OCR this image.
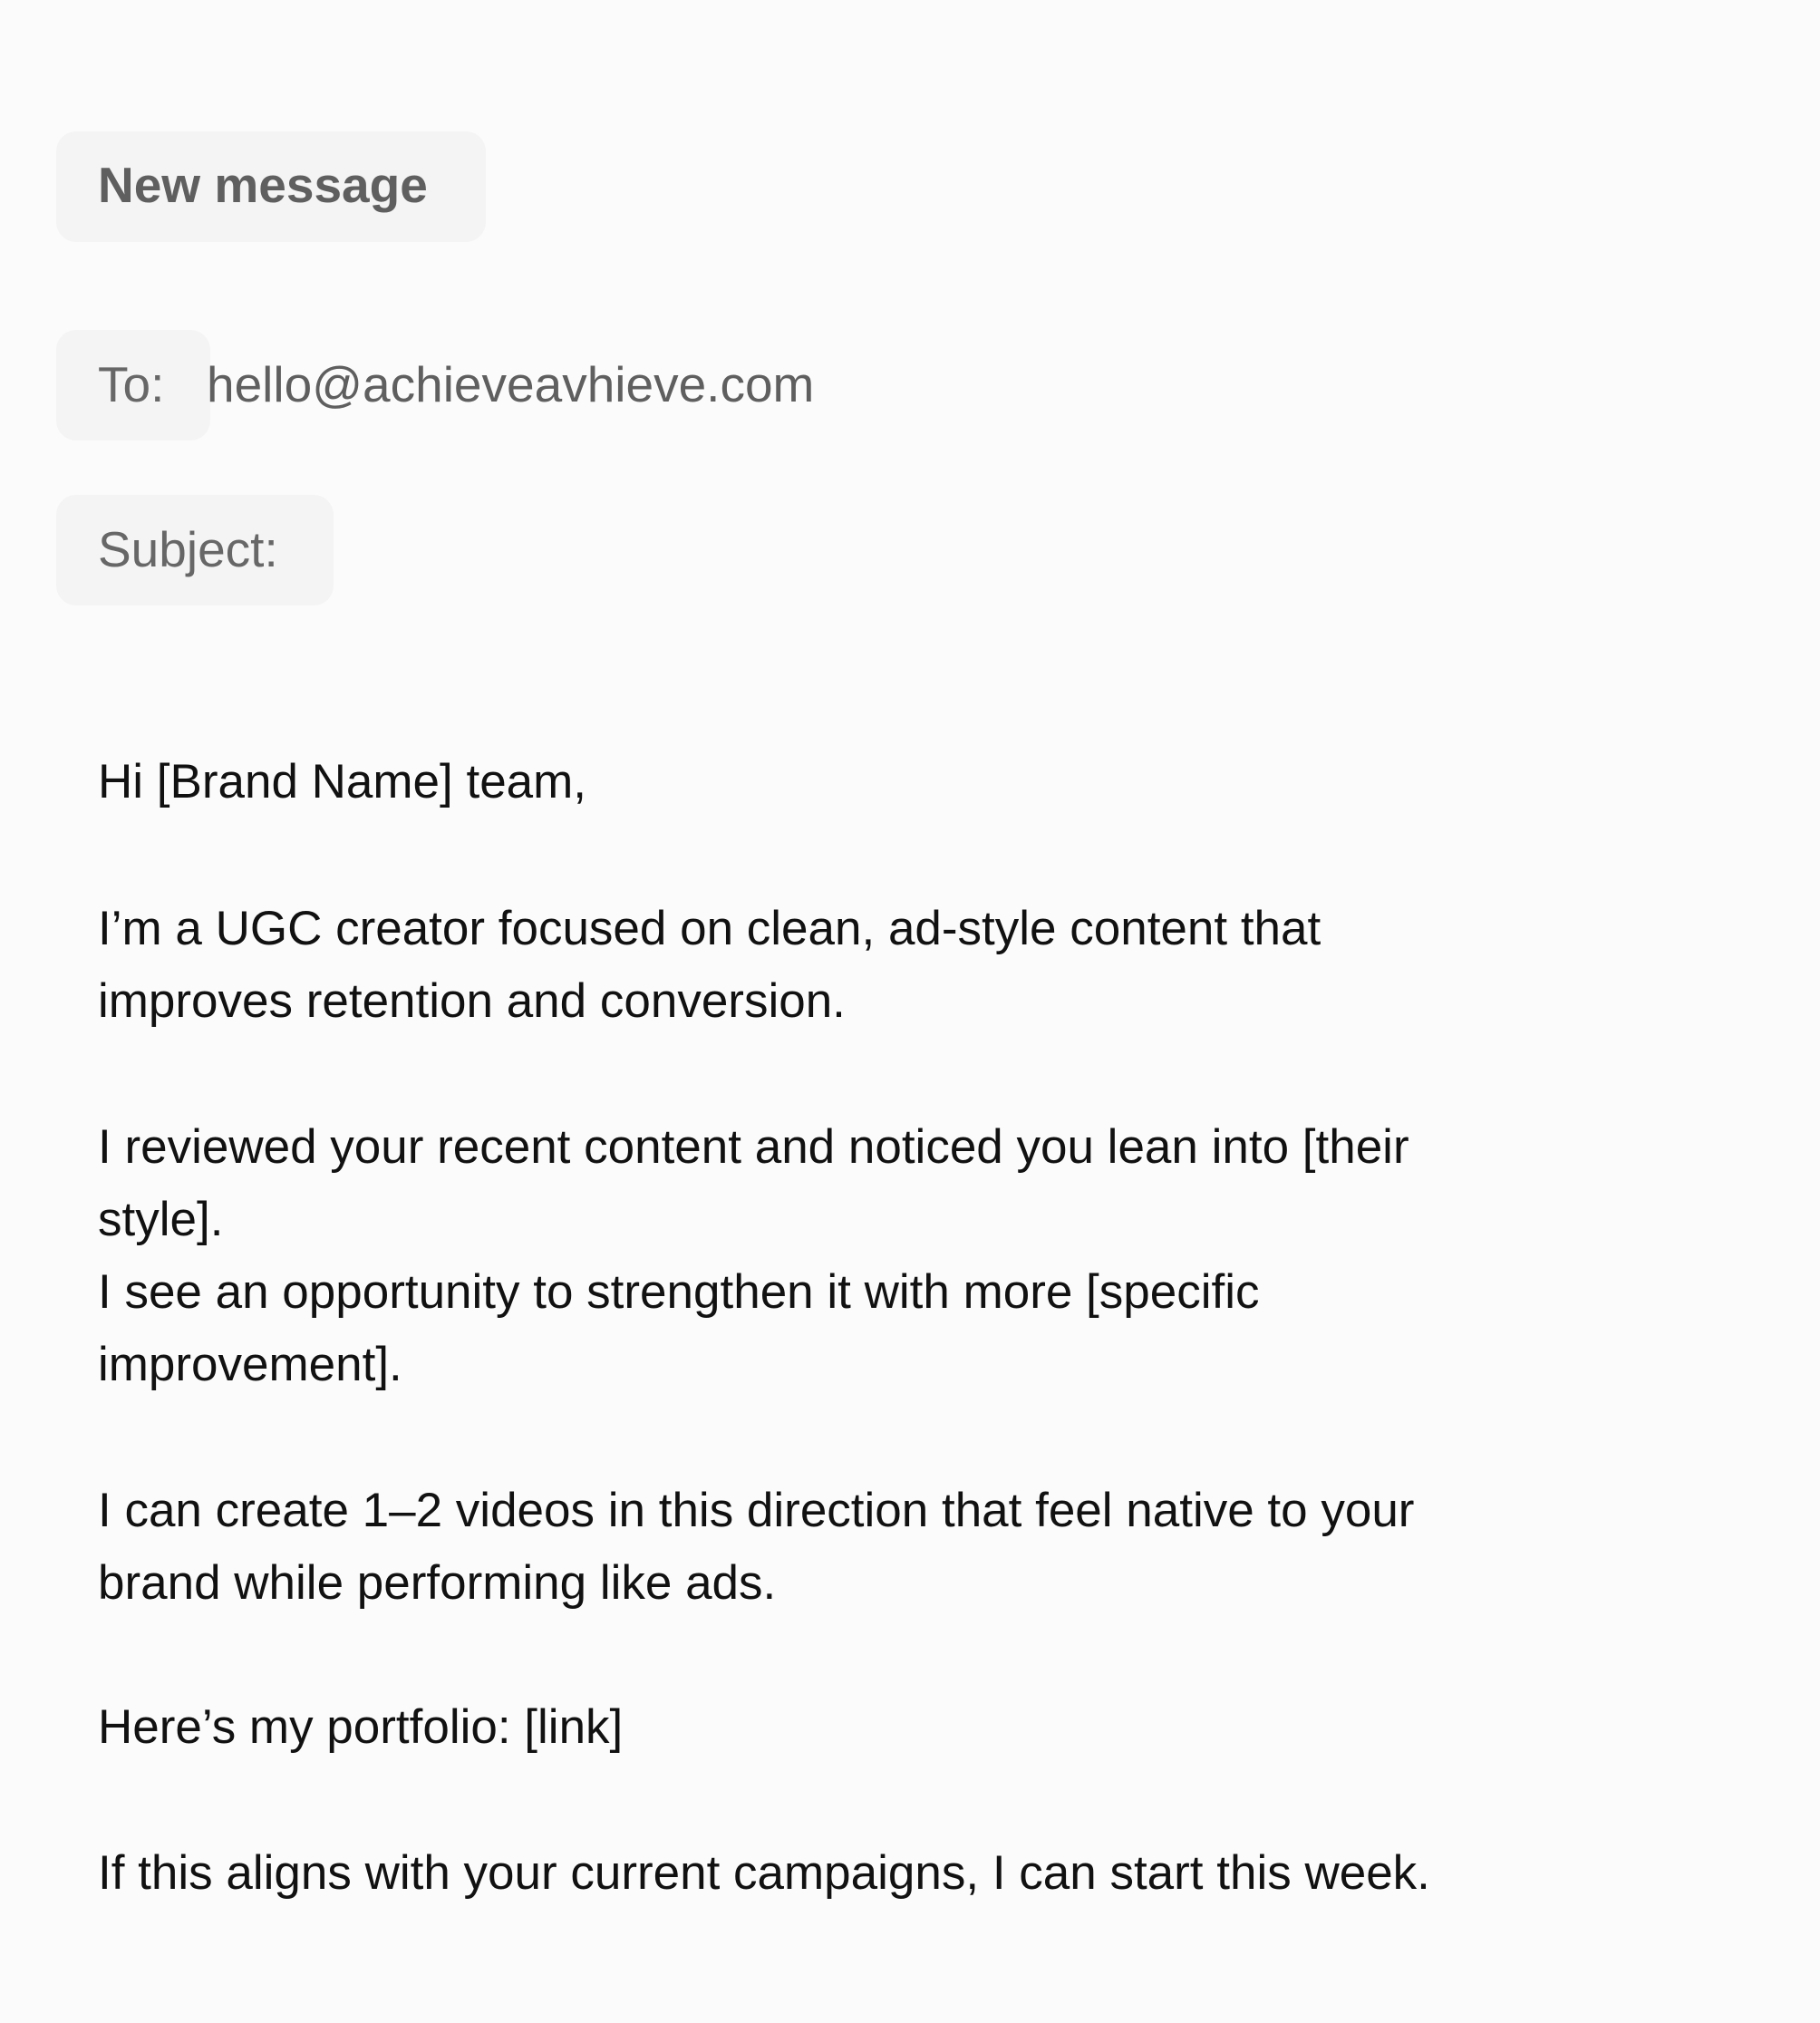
New message
To: hello@achieveavhieve.com
Subject:
Hi [Brand Name] team,
I’m a UGC creator focused on clean, ad-style content that
improves retention and conversion.
I reviewed your recent content and noticed you lean into [their
style].
I see an opportunity to strengthen it with more [specific
improvement].
I can create 1–2 videos in this direction that feel native to your
brand while performing like ads.
Here’s my portfolio: [link]
If this aligns with your current campaigns, I can start this week.
